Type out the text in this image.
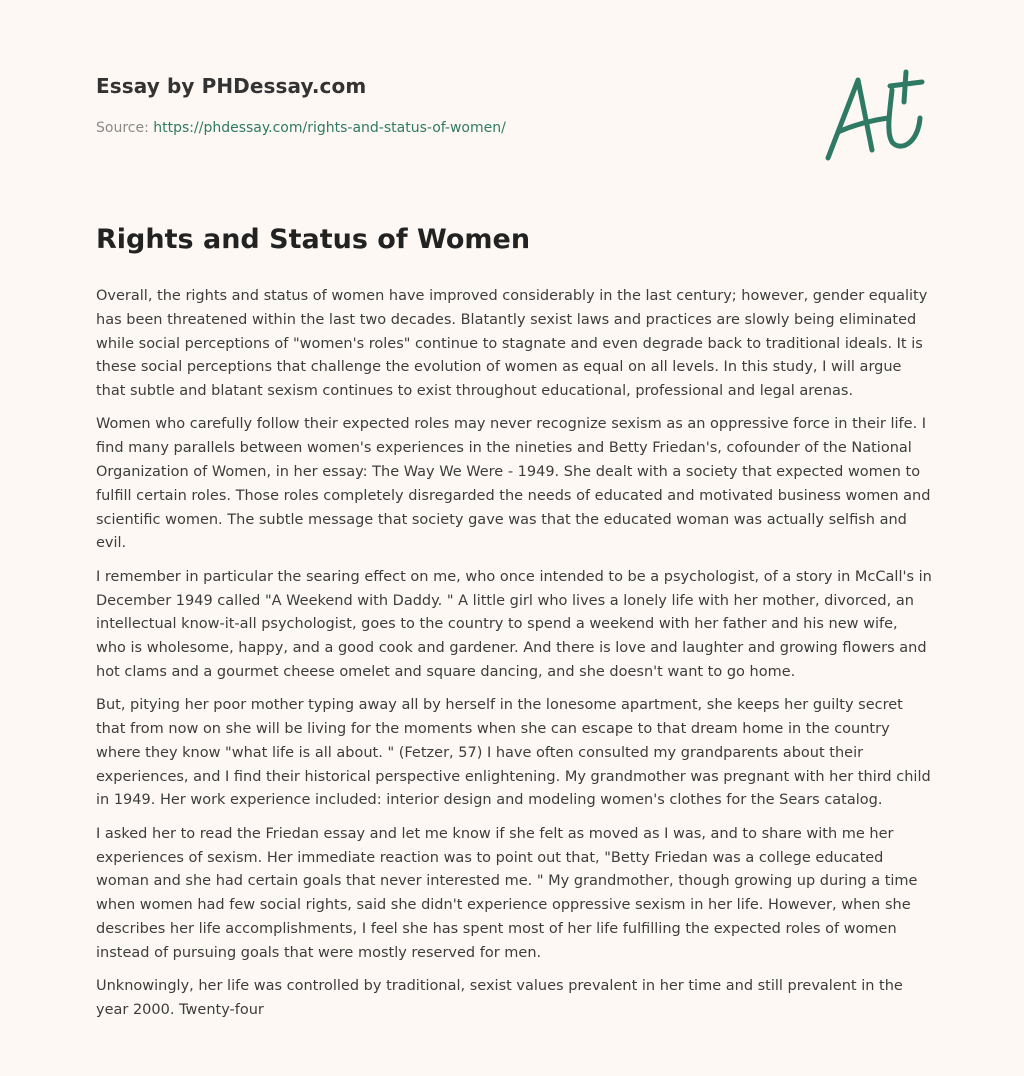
Essay by PHDessay.com
Source: https://phdessay.com/rights-and-status-of-women/
Rights and Status of Women

Overall, the rights and status of women have improved considerably in the last century; however, gender equality has been threatened within the last two decades. Blatantly sexist laws and practices are slowly being eliminated while social perceptions of "women's roles" continue to stagnate and even degrade back to traditional ideals. It is these social perceptions that challenge the evolution of women as equal on all levels. In this study, I will argue that subtle and blatant sexism continues to exist throughout educational, professional and legal arenas.

Women who carefully follow their expected roles may never recognize sexism as an oppressive force in their life. I find many parallels between women's experiences in the nineties and Betty Friedan's, cofounder of the National Organization of Women, in her essay: The Way We Were - 1949. She dealt with a society that expected women to fulfill certain roles. Those roles completely disregarded the needs of educated and motivated business women and scientific women. The subtle message that society gave was that the educated woman was actually selfish and evil.

I remember in particular the searing effect on me, who once intended to be a psychologist, of a story in McCall's in December 1949 called "A Weekend with Daddy. " A little girl who lives a lonely life with her mother, divorced, an intellectual know-it-all psychologist, goes to the country to spend a weekend with her father and his new wife, who is wholesome, happy, and a good cook and gardener. And there is love and laughter and growing flowers and hot clams and a gourmet cheese omelet and square dancing, and she doesn't want to go home.

But, pitying her poor mother typing away all by herself in the lonesome apartment, she keeps her guilty secret that from now on she will be living for the moments when she can escape to that dream home in the country where they know "what life is all about. " (Fetzer, 57) I have often consulted my grandparents about their experiences, and I find their historical perspective enlightening. My grandmother was pregnant with her third child in 1949. Her work experience included: interior design and modeling women's clothes for the Sears catalog.

I asked her to read the Friedan essay and let me know if she felt as moved as I was, and to share with me her experiences of sexism. Her immediate reaction was to point out that, "Betty Friedan was a college educated woman and she had certain goals that never interested me. " My grandmother, though growing up during a time when women had few social rights, said she didn't experience oppressive sexism in her life. However, when she describes her life accomplishments, I feel she has spent most of her life fulfilling the expected roles of women instead of pursuing goals that were mostly reserved for men.

Unknowingly, her life was controlled by traditional, sexist values prevalent in her time and still prevalent in the year 2000. Twenty-four
